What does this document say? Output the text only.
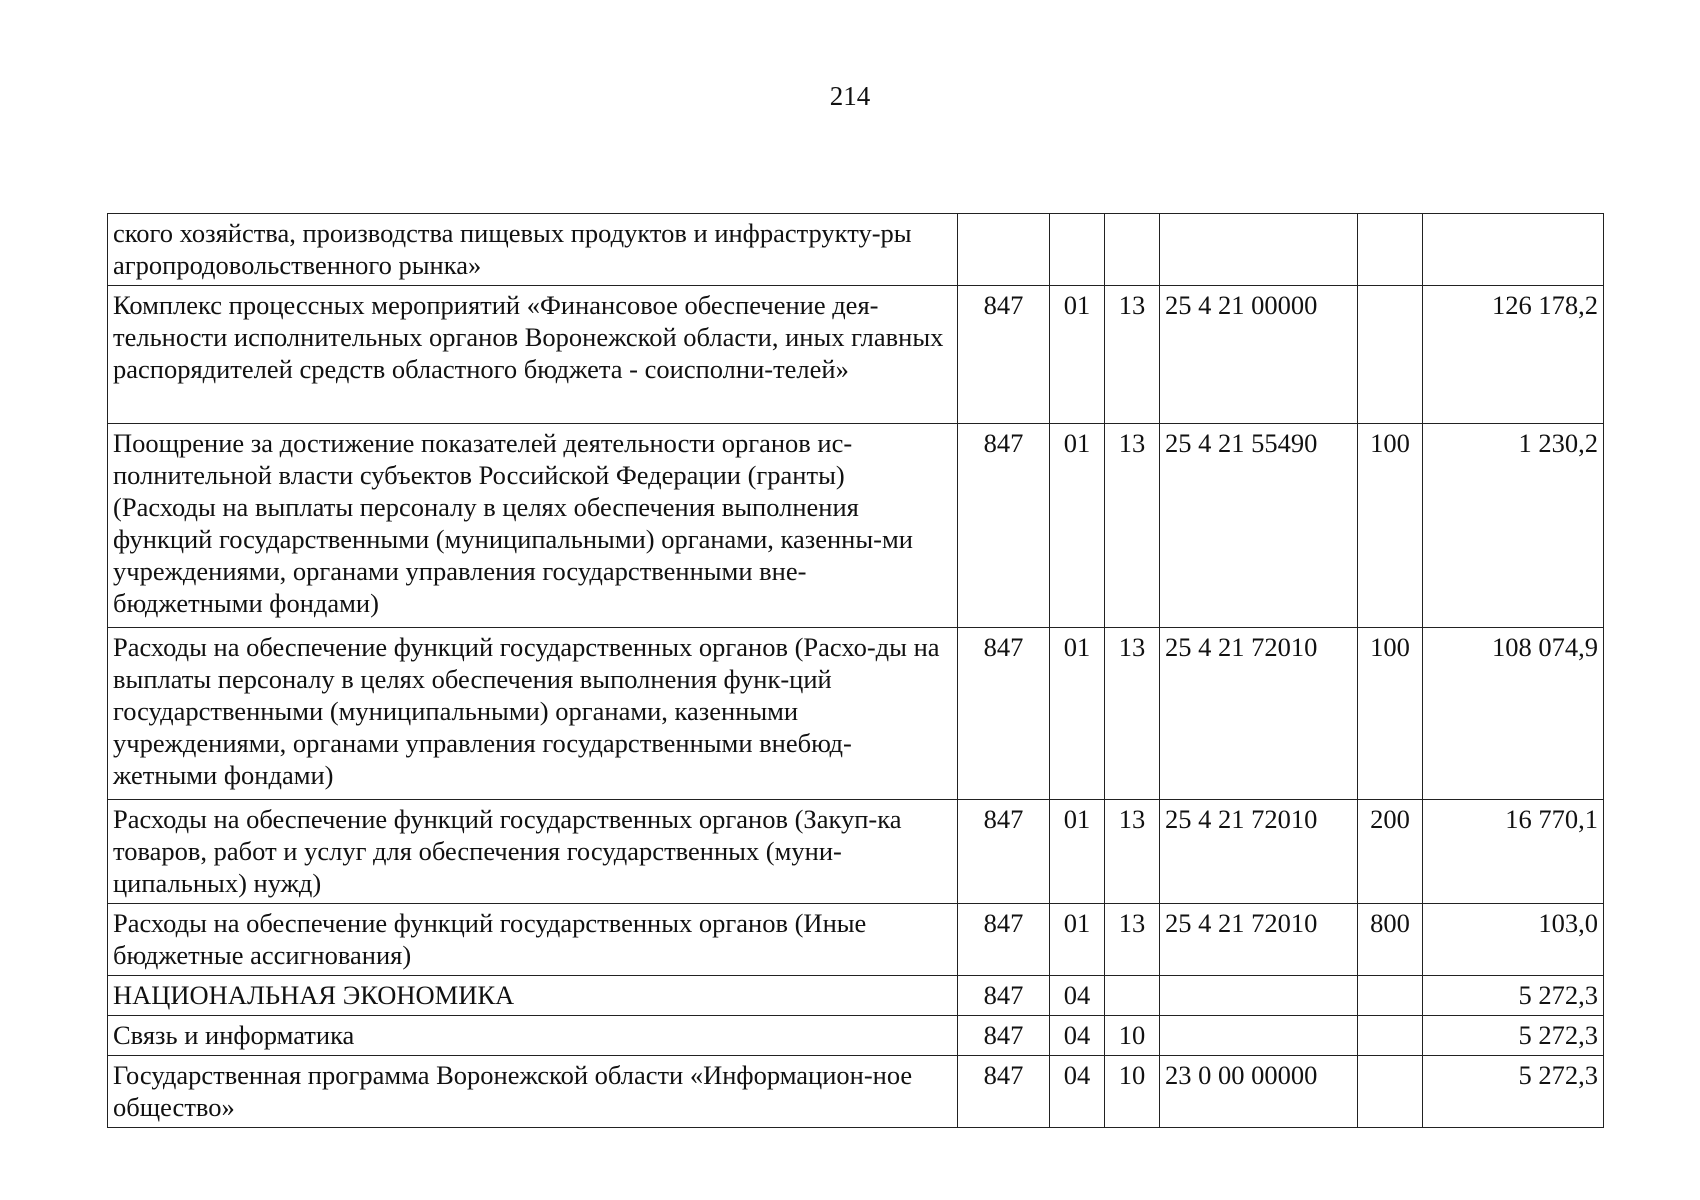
214
ского хозяйства, производства пищевых продуктов и инфраструкту-ры агропродовольственного рынка»						
Комплекс процессных мероприятий «Финансовое обеспечение дея-тельности исполнительных органов Воронежской области, иных главных распорядителей средств областного бюджета - соисполни-телей»	847	01	13	25 4 21 00000		126 178,2
Поощрение за достижение показателей деятельности органов ис-полнительной власти субъектов Российской Федерации (гранты) (Расходы на выплаты персоналу в целях обеспечения выполнения функций государственными (муниципальными) органами, казенны-ми учреждениями, органами управления государственными вне-бюджетными фондами)	847	01	13	25 4 21 55490	100	1 230,2
Расходы на обеспечение функций государственных органов (Расхо-ды на выплаты персоналу в целях обеспечения выполнения функ-ций государственными (муниципальными) органами, казенными учреждениями, органами управления государственными внебюд-жетными фондами)	847	01	13	25 4 21 72010	100	108 074,9
Расходы на обеспечение функций государственных органов (Закуп-ка товаров, работ и услуг для обеспечения государственных (муни-ципальных) нужд)	847	01	13	25 4 21 72010	200	16 770,1
Расходы на обеспечение функций государственных органов (Иные бюджетные ассигнования)	847	01	13	25 4 21 72010	800	103,0
НАЦИОНАЛЬНАЯ ЭКОНОМИКА	847	04				5 272,3
Связь и информатика	847	04	10			5 272,3
Государственная программа Воронежской области «Информацион-ное общество»	847	04	10	23 0 00 00000		5 272,3
